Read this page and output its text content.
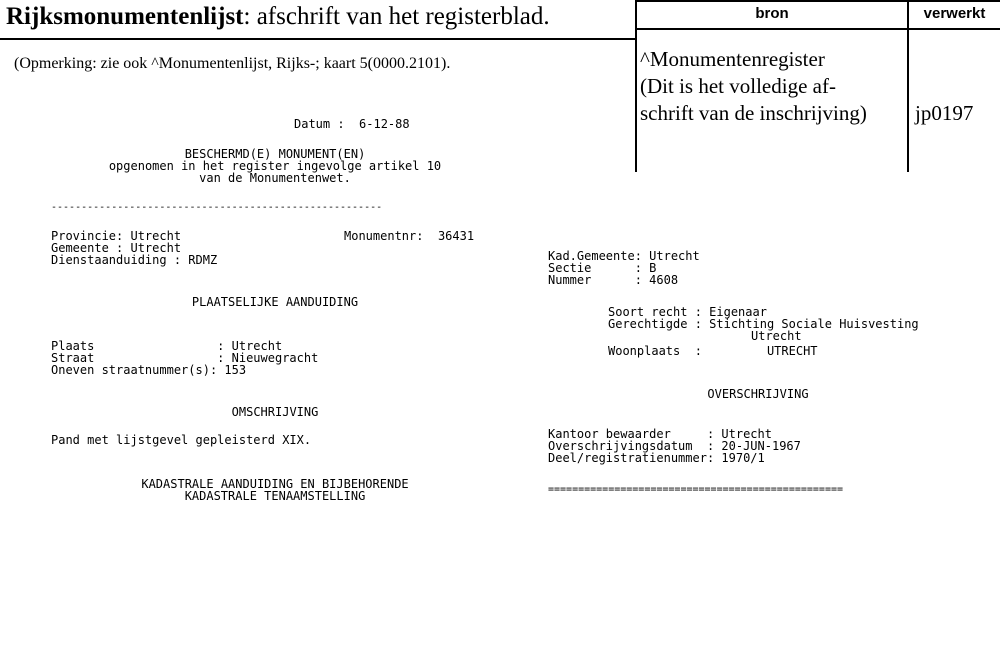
Rijksmonumentenlijst: afschrift van het registerblad.
(Opmerking: zie ook ^Monumentenlijst, Rijks-; kaart 5(0000.2101).
bron	verwerkt
^Monumentenregister
(Dit is het volledige af-
schrift van de inschrijving) jp0197
Datum : 6-12-88
BESCHERMD(E) MONUMENT(EN)
opgenomen in het register ingevolge artikel 10
van de Monumentenwet.
-------------------------------------------------------
Provincie: Utrecht	Monumentnr: 36431
Gemeente : Utrecht
Dienstaanduiding : RDMZ
PLAATSELIJKE AANDUIDING
Plaats                 : Utrecht
Straat                 : Nieuwegracht
Oneven straatnummer(s): 153
OMSCHRIJVING
Pand met lijstgevel gepleisterd XIX.
KADASTRALE AANDUIDING EN BIJBEHORENDE
KADASTRALE TENAAMSTELLING
Kad.Gemeente: Utrecht
Sectie      : B
Nummer      : 4608
Soort recht : Eigenaar
Gerechtigde : Stichting Sociale Huisvesting
Utrecht
Woonplaats  :         UTRECHT
OVERSCHRIJVING
Kantoor bewaarder     : Utrecht
Overschrijvingsdatum  : 20-JUN-1967
Deel/registratienummer: 1970/1
=================================================
